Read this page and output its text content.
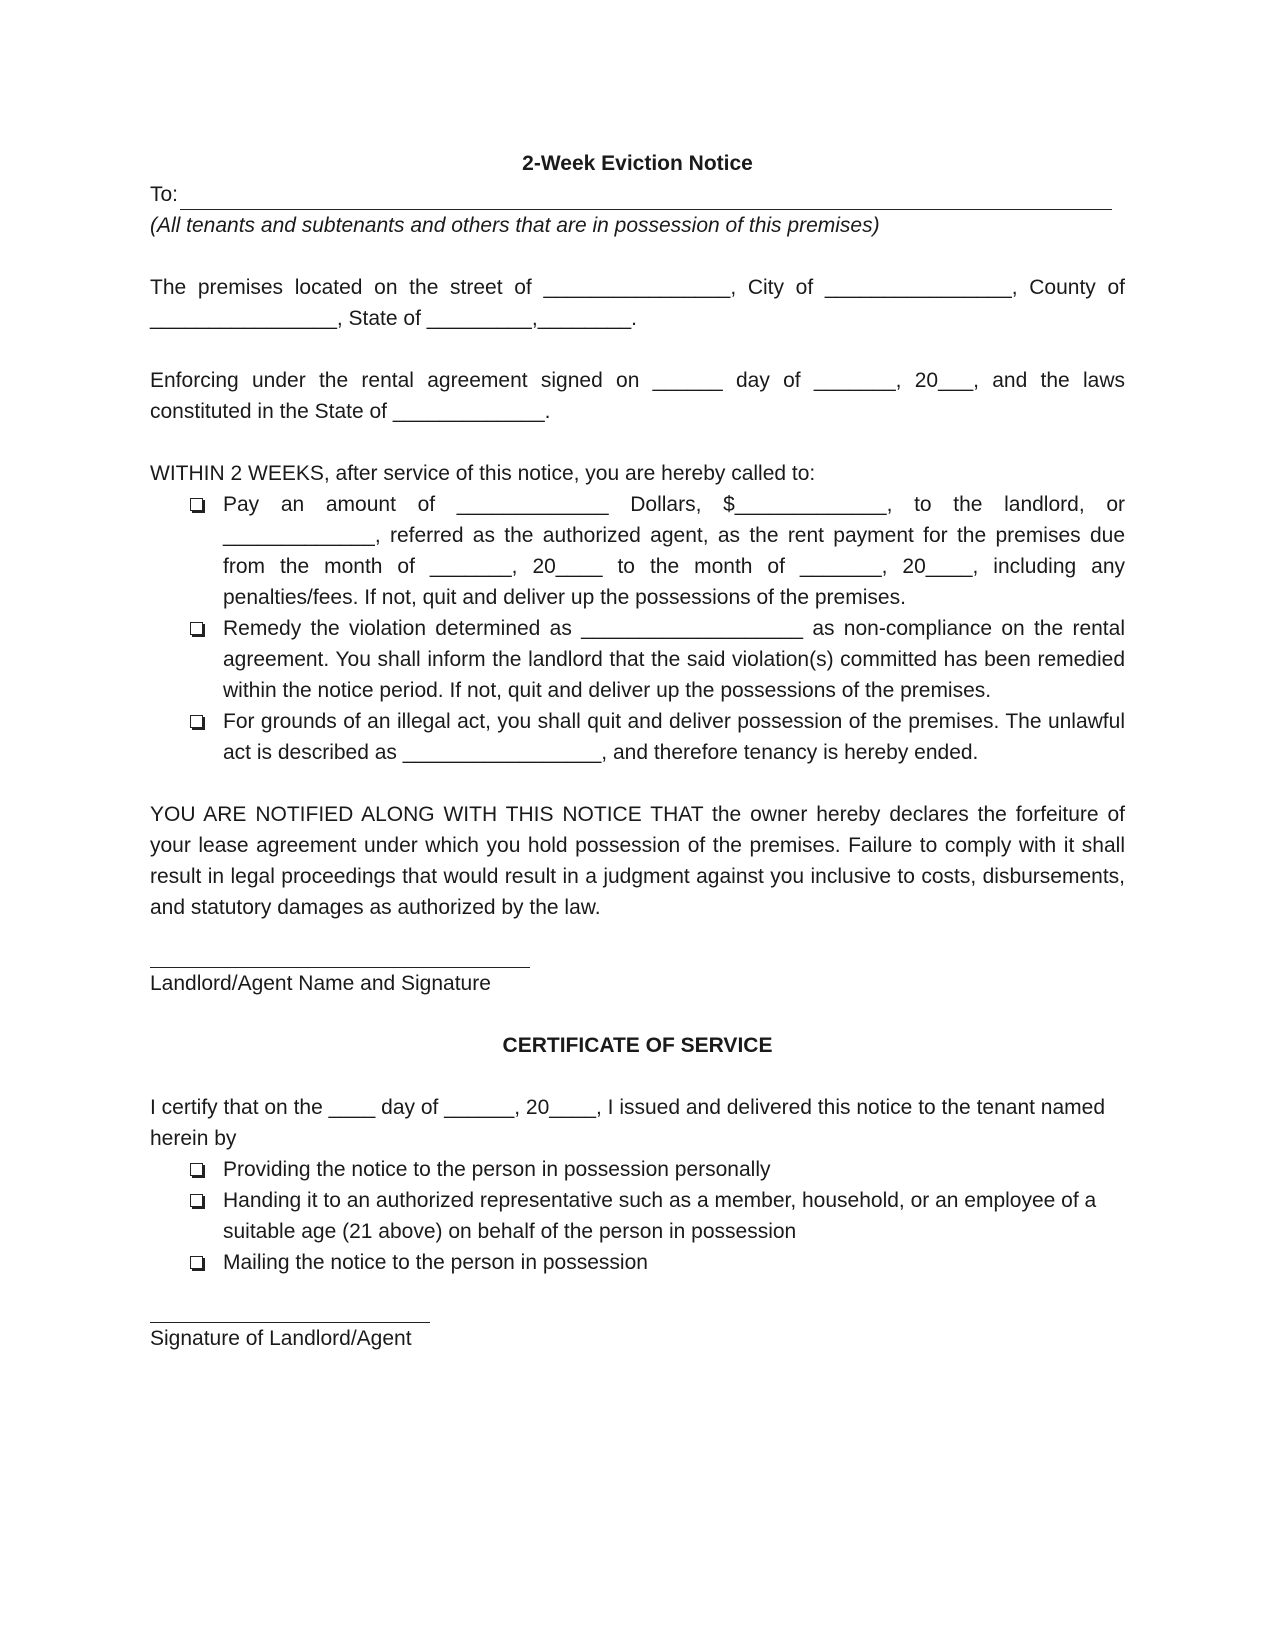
2-Week Eviction Notice

To:

(All tenants and subtenants and others that are in possession of this premises)

The premises located on the street of ________________, City of ________________, County of ________________, State of _________,________.

Enforcing under the rental agreement signed on ______ day of _______, 20___, and the laws constituted in the State of _____________.

WITHIN 2 WEEKS, after service of this notice, you are hereby called to:

Pay an amount of _____________ Dollars, $_____________, to the landlord, or _____________, referred as the authorized agent, as the rent payment for the premises due from the month of _______, 20____ to the month of _______, 20____, including any penalties/fees. If not, quit and deliver up the possessions of the premises.
Remedy the violation determined as ___________________ as non-compliance on the rental agreement. You shall inform the landlord that the said violation(s) committed has been remedied within the notice period. If not, quit and deliver up the possessions of the premises.
For grounds of an illegal act, you shall quit and deliver possession of the premises. The unlawful act is described as _________________, and therefore tenancy is hereby ended.

YOU ARE NOTIFIED ALONG WITH THIS NOTICE THAT the owner hereby declares the forfeiture of your lease agreement under which you hold possession of the premises. Failure to comply with it shall result in legal proceedings that would result in a judgment against you inclusive to costs, disbursements, and statutory damages as authorized by the law.

Landlord/Agent Name and Signature

CERTIFICATE OF SERVICE

I certify that on the ____ day of ______, 20____, I issued and delivered this notice to the tenant named herein by

Providing the notice to the person in possession personally
Handing it to an authorized representative such as a member, household, or an employee of a suitable age (21 above) on behalf of the person in possession
Mailing the notice to the person in possession

Signature of Landlord/Agent
